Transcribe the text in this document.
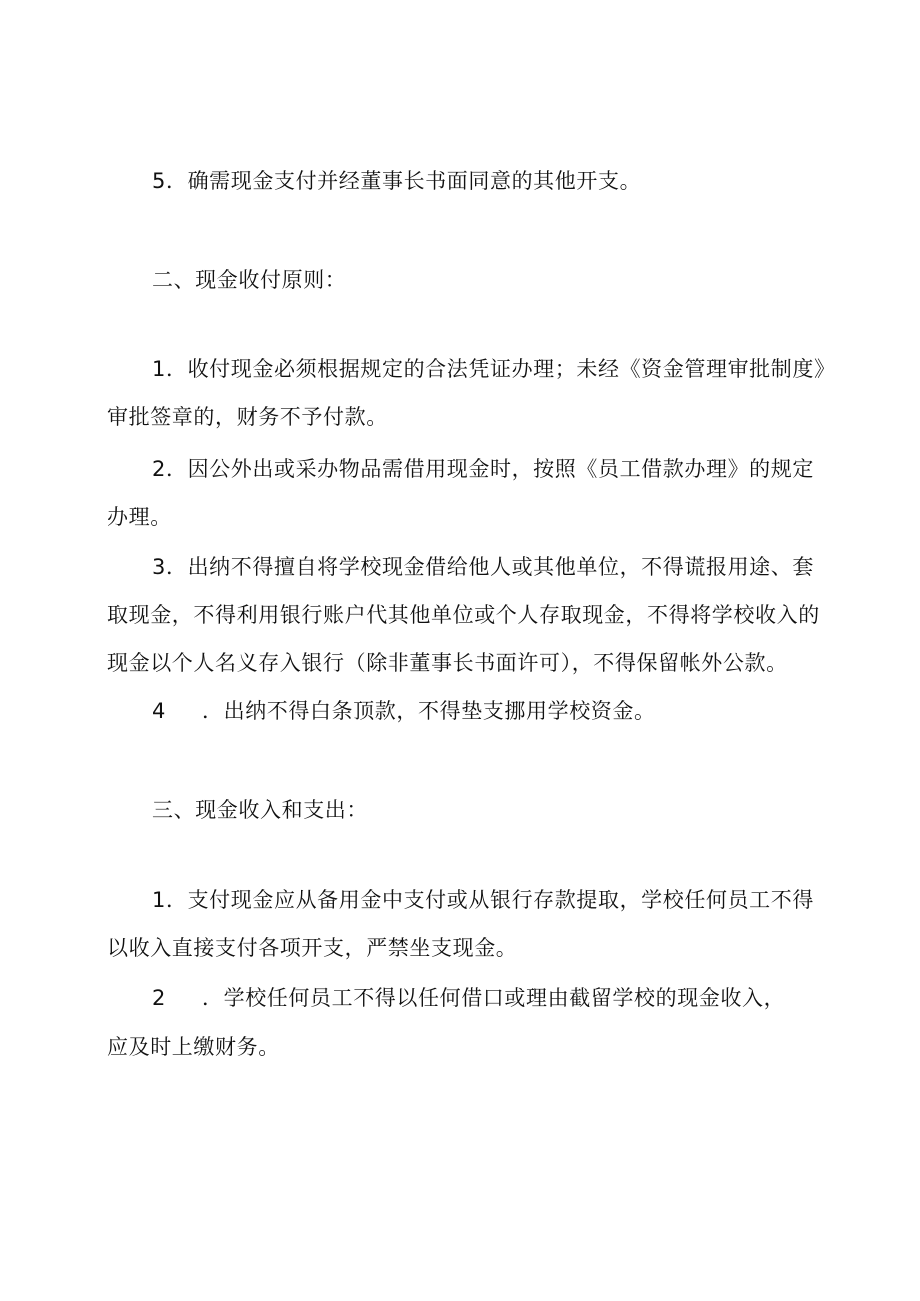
5．确需现金支付并经董事长书面同意的其他开支。
二、现金收付原则：
1．收付现金必须根据规定的合法凭证办理；未经《资金管理审批制度》
审批签章的，财务不予付款。
2．因公外出或采办物品需借用现金时，按照《员工借款办理》的规定
办理。
3．出纳不得擅自将学校现金借给他人或其他单位，不得谎报用途、套
取现金，不得利用银行账户代其他单位或个人存取现金，不得将学校收入的
现金以个人名义存入银行（除非董事长书面许可），不得保留帐外公款。
4 ．出纳不得白条顶款，不得垫支挪用学校资金。
三、现金收入和支出：
1．支付现金应从备用金中支付或从银行存款提取，学校任何员工不得
以收入直接支付各项开支，严禁坐支现金。
2 ．学校任何员工不得以任何借口或理由截留学校的现金收入，
应及时上缴财务。
